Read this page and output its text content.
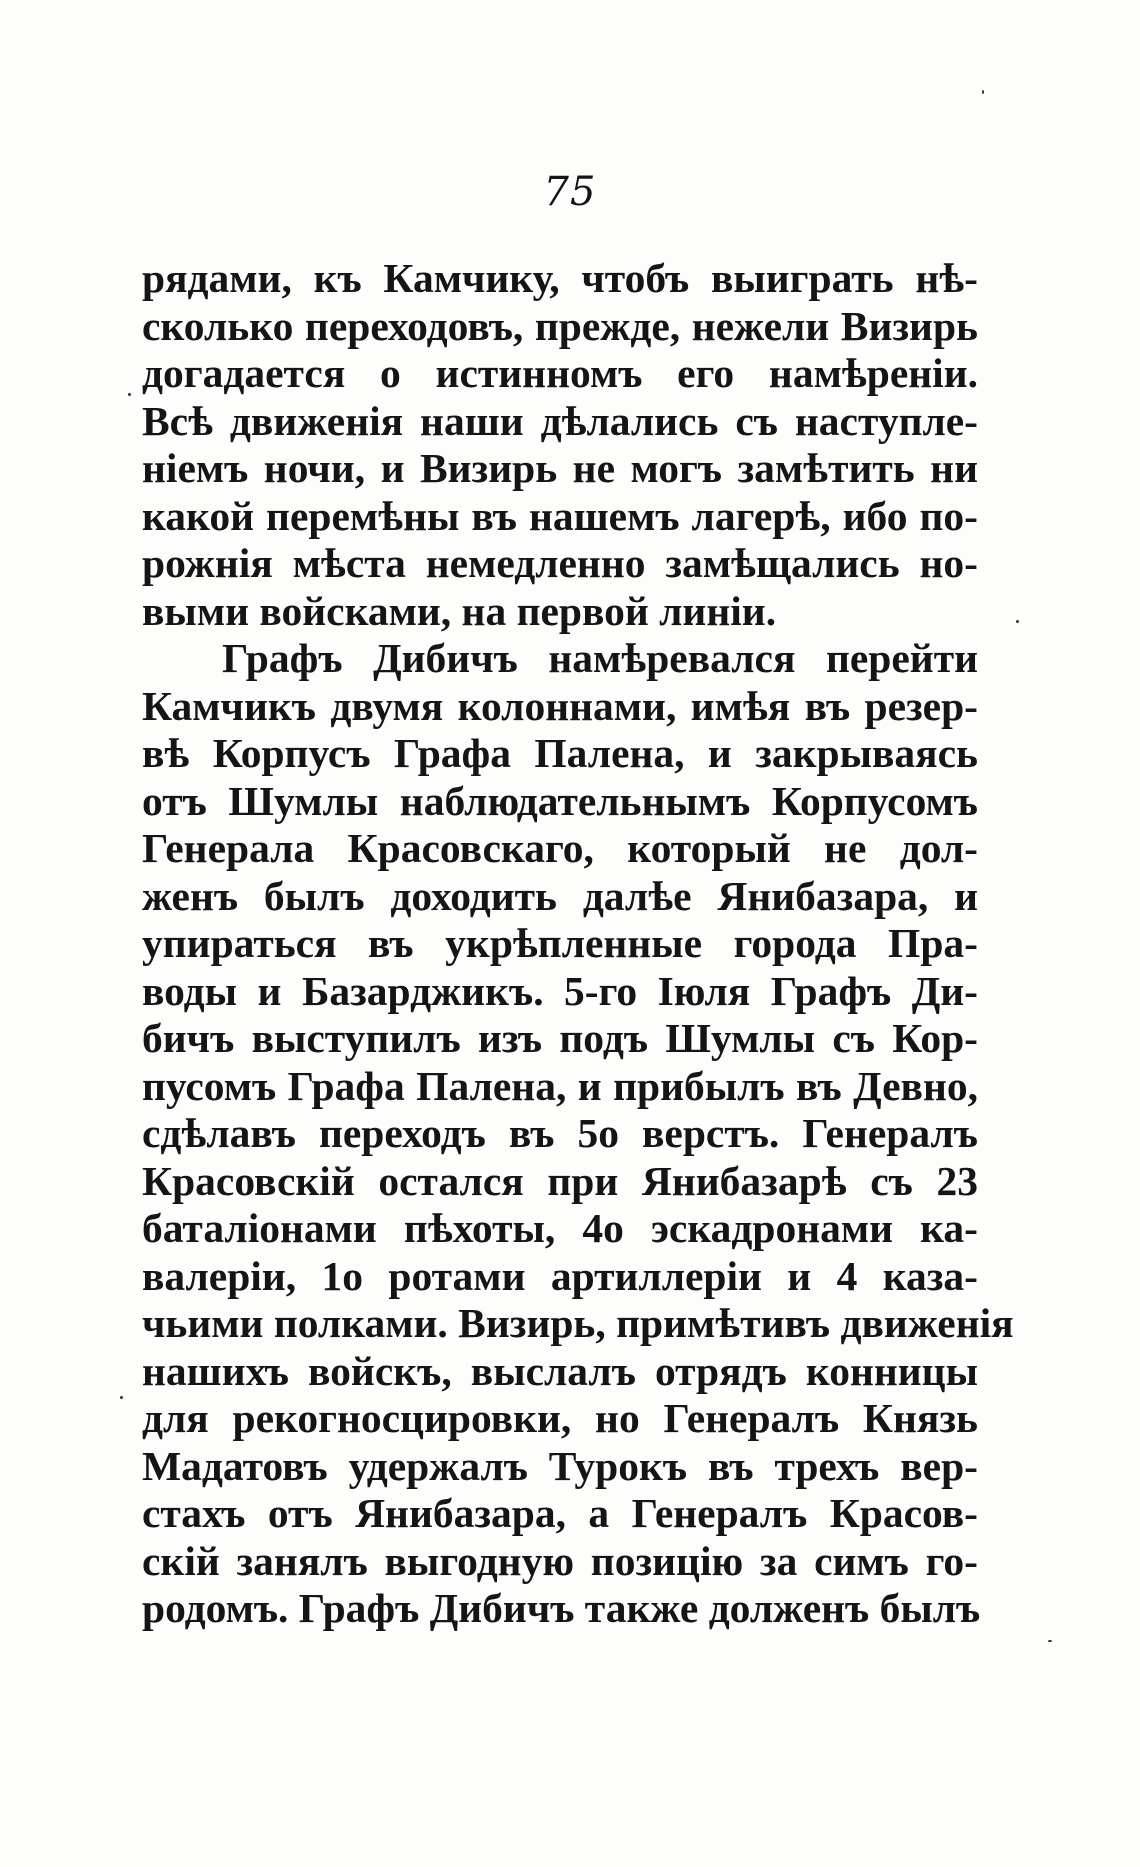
75
рядами, къ Камчику, чтобъ выиграть нѣ-
сколько переходовъ, прежде, нежели Визирь
догадается о истинномъ его намѣреніи.
Всѣ движенія наши дѣлались съ наступле-
ніемъ ночи, и Визирь не могъ замѣтить ни
какой перемѣны въ нашемъ лагерѣ, ибо по-
рожнія мѣста немедленно замѣщались но-
выми войсками, на первой линіи.
Графъ Дибичъ намѣревался перейти
Камчикъ двумя колоннами, имѣя въ резер-
вѣ Корпусъ Графа Палена, и закрываясь
отъ Шумлы наблюдательнымъ Корпусомъ
Генерала Красовскаго, который не дол-
женъ былъ доходить далѣе Янибазара, и
упираться въ укрѣпленные города Пра-
воды и Базарджикъ. 5-го Іюля Графъ Ди-
бичъ выступилъ изъ подъ Шумлы съ Кор-
пусомъ Графа Палена, и прибылъ въ Девно,
сдѣлавъ переходъ въ 5о верстъ. Генералъ
Красовскій остался при Янибазарѣ съ 23
баталіонами пѣхоты, 4о эскадронами ка-
валеріи, 1о ротами артиллеріи и 4 каза-
чьими полками. Визирь, примѣтивъ движенія
нашихъ войскъ, выслалъ отрядъ конницы
для рекогносцировки, но Генералъ Князь
Мадатовъ удержалъ Турокъ въ трехъ вер-
стахъ отъ Янибазара, а Генералъ Красов-
скій занялъ выгодную позицію за симъ го-
родомъ. Графъ Дибичъ также долженъ былъ
